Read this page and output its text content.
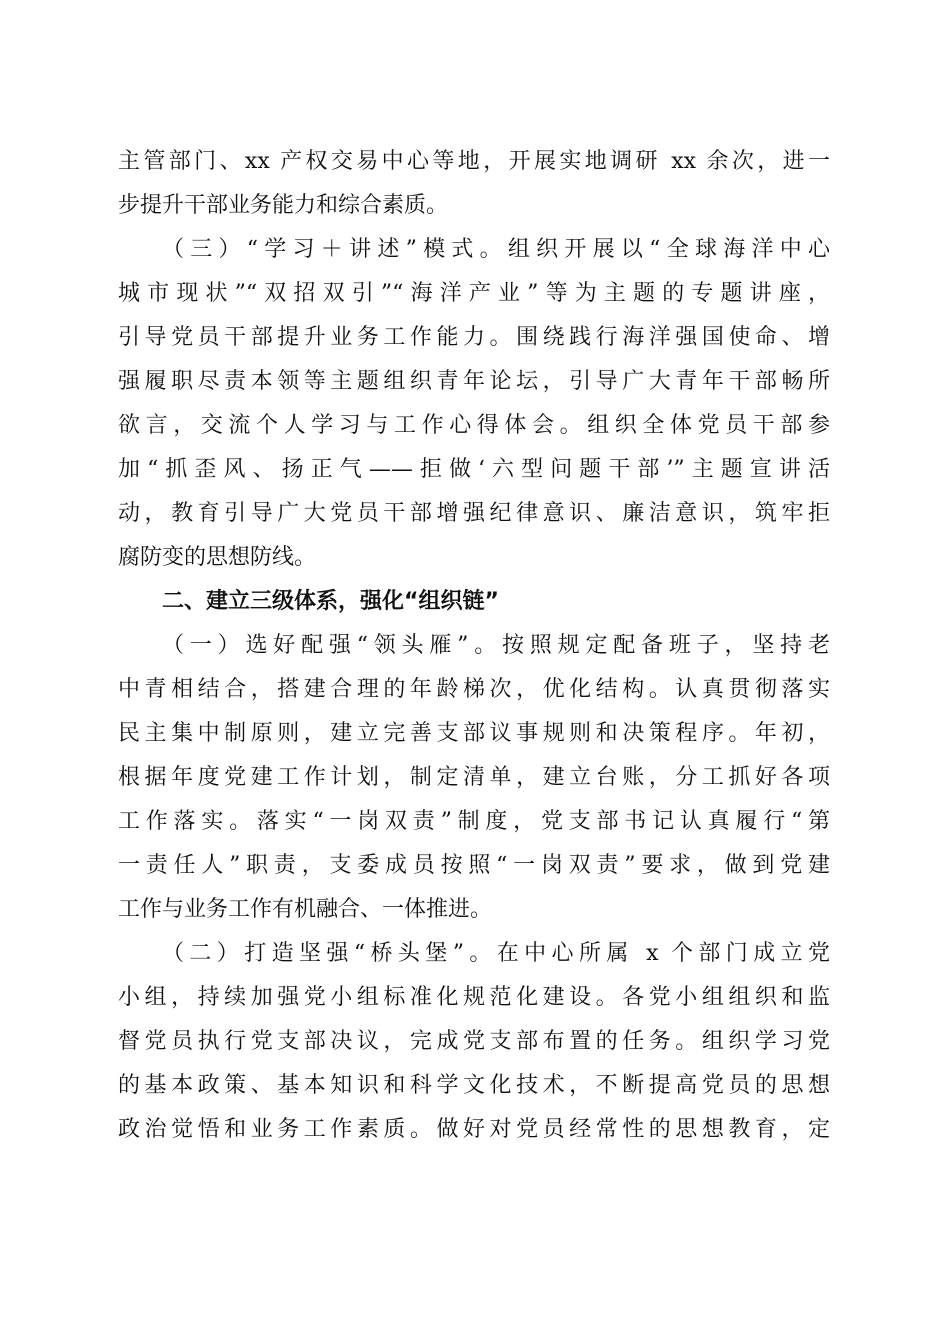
主管部门、xx 产权交易中心等地，开展实地调研 xx 余次，进一
步提升干部业务能力和综合素质。
（三）“学习＋讲述”模式。组织开展以“全球海洋中心
城市现状”“双招双引”“海洋产业”等为主题的专题讲座，
引导党员干部提升业务工作能力。围绕践行海洋强国使命、增
强履职尽责本领等主题组织青年论坛，引导广大青年干部畅所
欲言，交流个人学习与工作心得体会。组织全体党员干部参
加“抓歪风、扬正气——拒做‘六型问题干部’”主题宣讲活
动，教育引导广大党员干部增强纪律意识、廉洁意识，筑牢拒
腐防变的思想防线。
二、建立三级体系，强化“组织链”
（一）选好配强“领头雁”。按照规定配备班子，坚持老
中青相结合，搭建合理的年龄梯次，优化结构。认真贯彻落实
民主集中制原则，建立完善支部议事规则和决策程序。年初，
根据年度党建工作计划，制定清单，建立台账，分工抓好各项
工作落实。落实“一岗双责”制度，党支部书记认真履行“第
一责任人”职责，支委成员按照“一岗双责”要求，做到党建
工作与业务工作有机融合、一体推进。
（二）打造坚强“桥头堡”。在中心所属 x 个部门成立党
小组，持续加强党小组标准化规范化建设。各党小组组织和监
督党员执行党支部决议，完成党支部布置的任务。组织学习党
的基本政策、基本知识和科学文化技术，不断提高党员的思想
政治觉悟和业务工作素质。做好对党员经常性的思想教育，定
